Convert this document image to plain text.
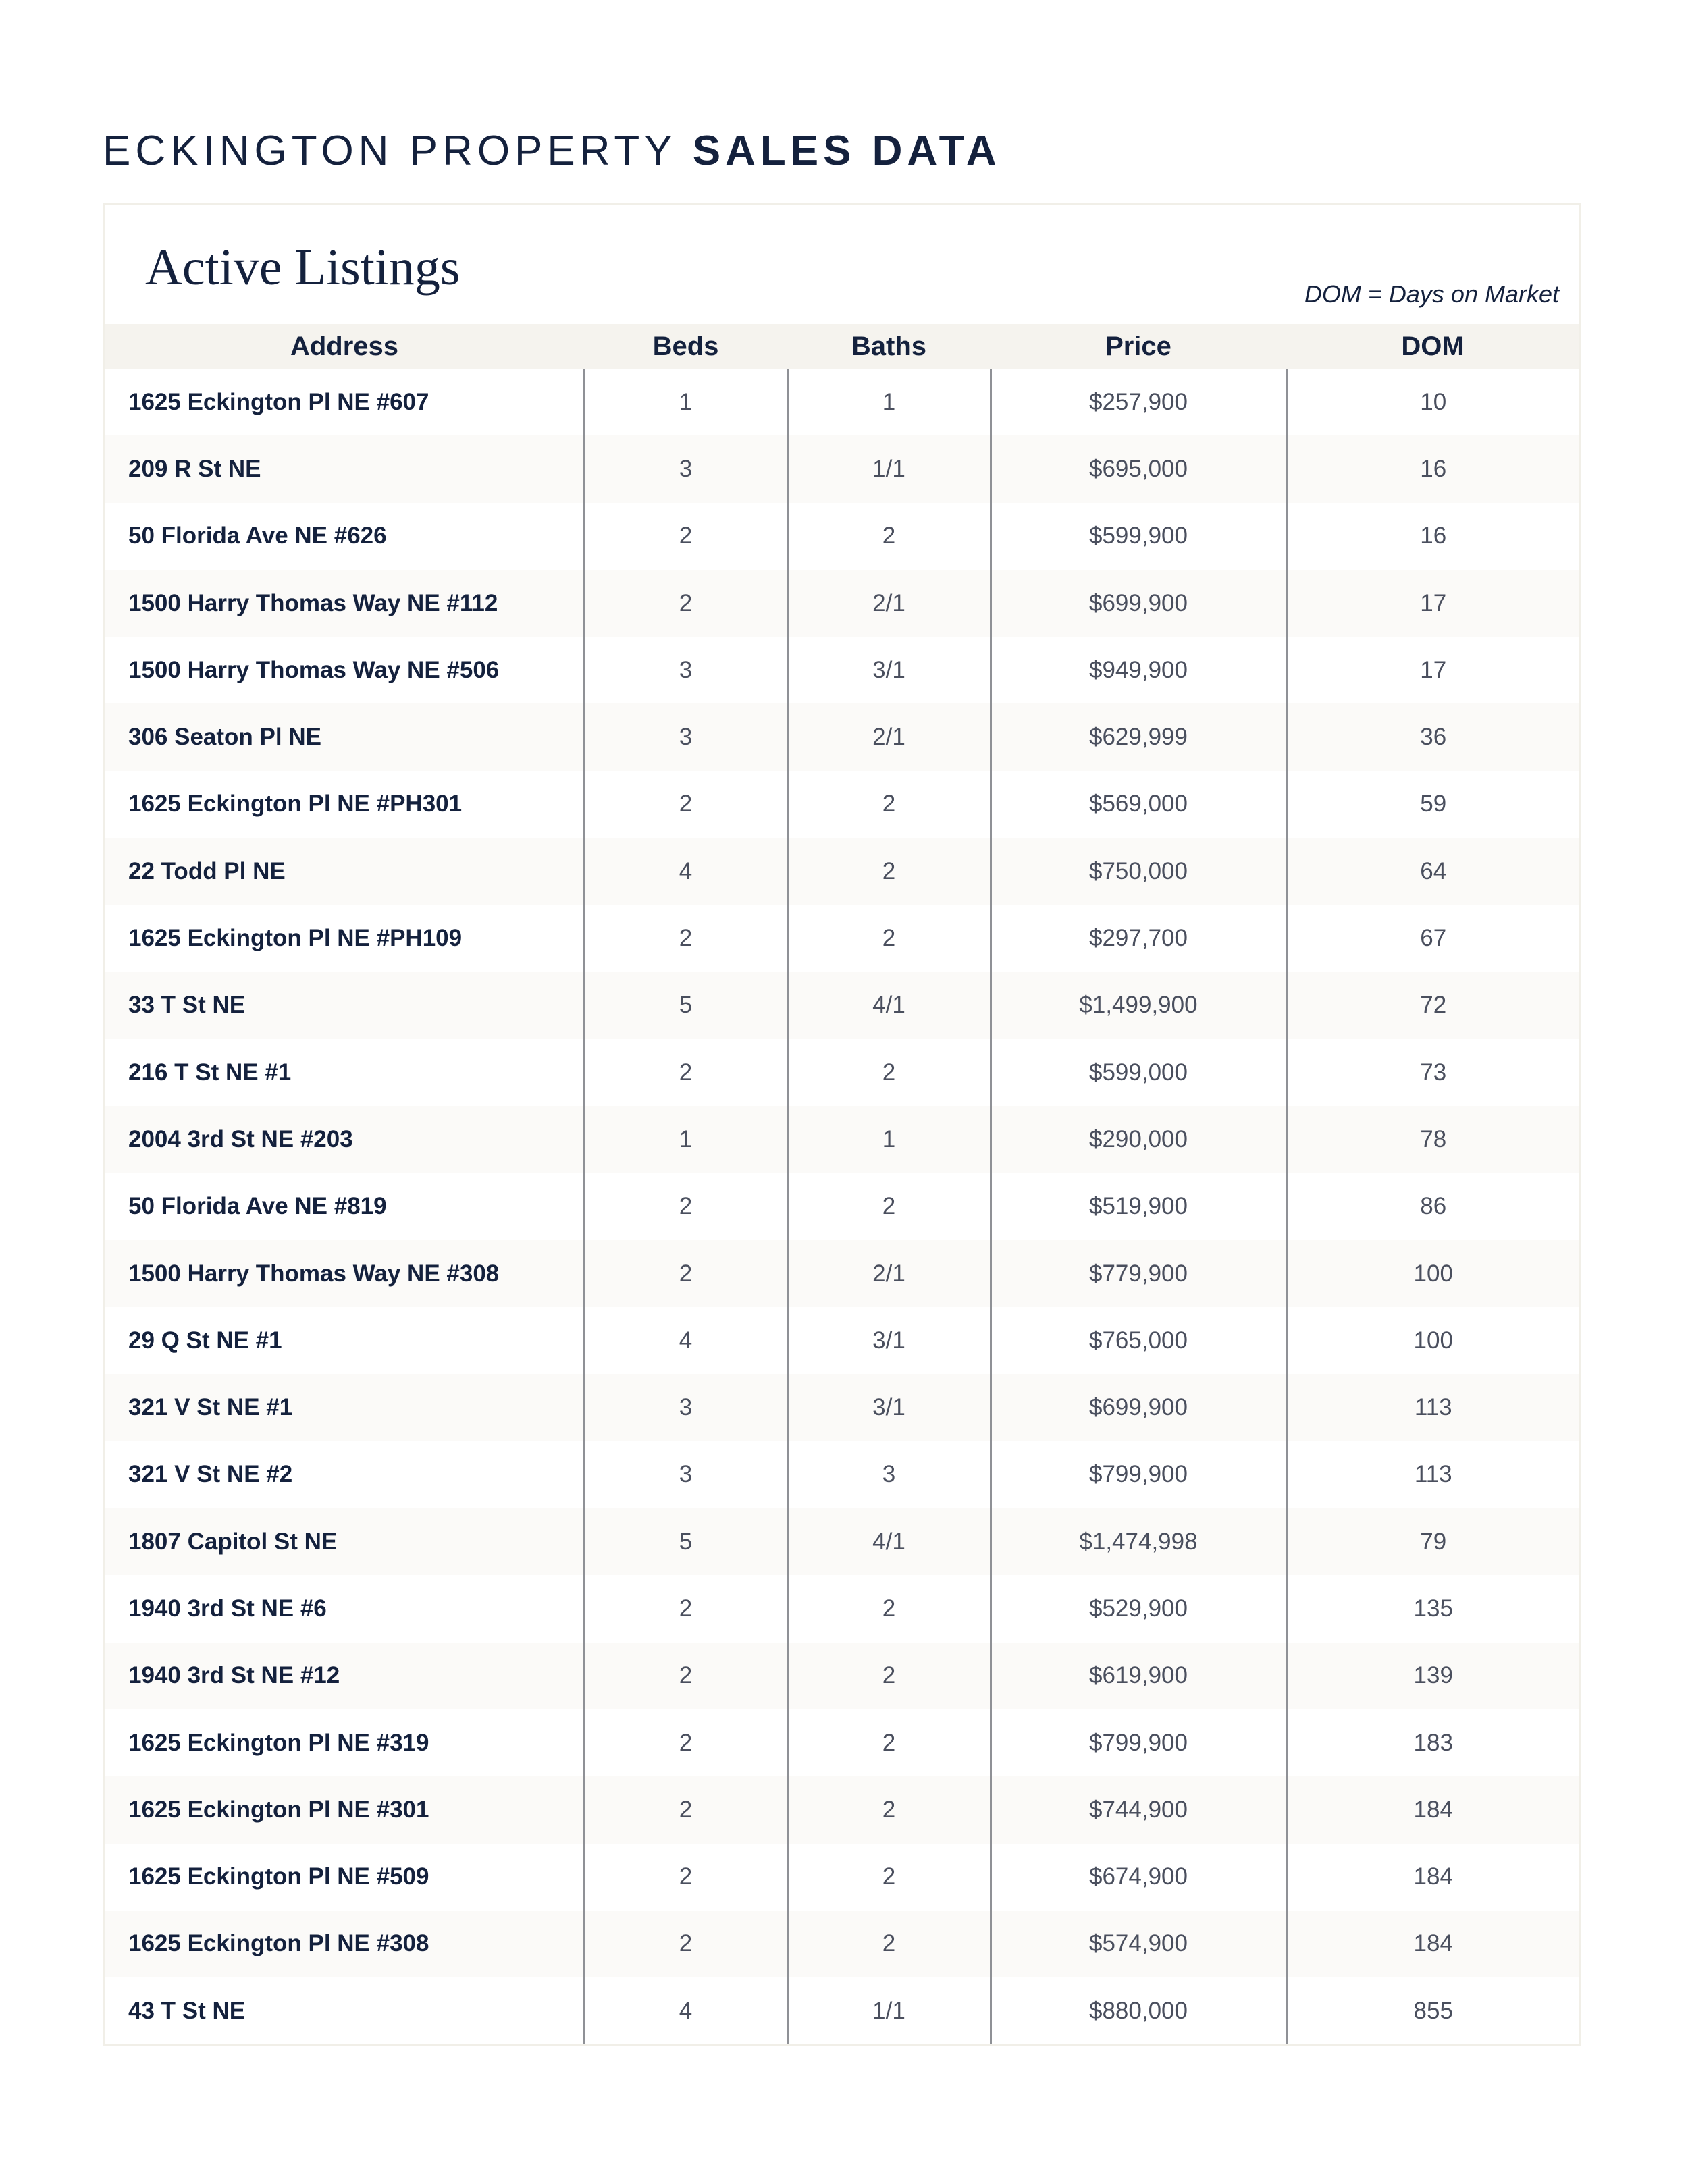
ECKINGTON PROPERTY SALES DATA
Active Listings	DOM = Days on Market
Address	Beds	Baths	Price	DOM
1625 Eckington Pl NE #607	1	1	$257,900	10
209 R St NE	3	1/1	$695,000	16
50 Florida Ave NE #626	2	2	$599,900	16
1500 Harry Thomas Way NE #112	2	2/1	$699,900	17
1500 Harry Thomas Way NE #506	3	3/1	$949,900	17
306 Seaton Pl NE	3	2/1	$629,999	36
1625 Eckington Pl NE #PH301	2	2	$569,000	59
22 Todd Pl NE	4	2	$750,000	64
1625 Eckington Pl NE #PH109	2	2	$297,700	67
33 T St NE	5	4/1	$1,499,900	72
216 T St NE #1	2	2	$599,000	73
2004 3rd St NE #203	1	1	$290,000	78
50 Florida Ave NE #819	2	2	$519,900	86
1500 Harry Thomas Way NE #308	2	2/1	$779,900	100
29 Q St NE #1	4	3/1	$765,000	100
321 V St NE #1	3	3/1	$699,900	113
321 V St NE #2	3	3	$799,900	113
1807 Capitol St NE	5	4/1	$1,474,998	79
1940 3rd St NE #6	2	2	$529,900	135
1940 3rd St NE #12	2	2	$619,900	139
1625 Eckington Pl NE #319	2	2	$799,900	183
1625 Eckington Pl NE #301	2	2	$744,900	184
1625 Eckington Pl NE #509	2	2	$674,900	184
1625 Eckington Pl NE #308	2	2	$574,900	184
43 T St NE	4	1/1	$880,000	855
